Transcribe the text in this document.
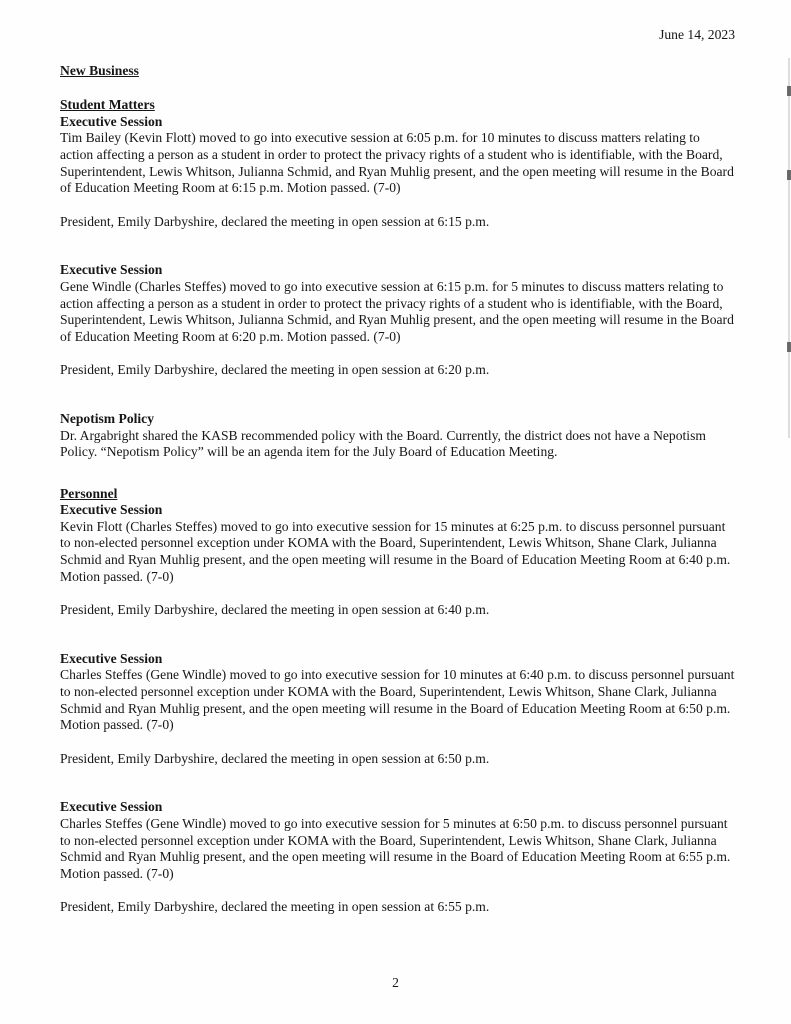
June 14, 2023

New Business

Student Matters

Executive Session

Tim Bailey (Kevin Flott) moved to go into executive session at 6:05 p.m. for 10 minutes to discuss matters relating to action affecting a person as a student in order to protect the privacy rights of a student who is identifiable, with the Board, Superintendent, Lewis Whitson, Julianna Schmid, and Ryan Muhlig present, and the open meeting will resume in the Board of Education Meeting Room at 6:15 p.m. Motion passed. (7-0)

President, Emily Darbyshire, declared the meeting in open session at 6:15 p.m.

Executive Session

Gene Windle (Charles Steffes) moved to go into executive session at 6:15 p.m. for 5 minutes to discuss matters relating to action affecting a person as a student in order to protect the privacy rights of a student who is identifiable, with the Board, Superintendent, Lewis Whitson, Julianna Schmid, and Ryan Muhlig present, and the open meeting will resume in the Board of Education Meeting Room at 6:20 p.m. Motion passed. (7-0)

President, Emily Darbyshire, declared the meeting in open session at 6:20 p.m.

Nepotism Policy

Dr. Argabright shared the KASB recommended policy with the Board. Currently, the district does not have a Nepotism Policy. “Nepotism Policy” will be an agenda item for the July Board of Education Meeting.

Personnel

Executive Session

Kevin Flott (Charles Steffes) moved to go into executive session for 15 minutes at 6:25 p.m. to discuss personnel pursuant to non-elected personnel exception under KOMA with the Board, Superintendent, Lewis Whitson, Shane Clark, Julianna Schmid and Ryan Muhlig present, and the open meeting will resume in the Board of Education Meeting Room at 6:40 p.m. Motion passed. (7-0)

President, Emily Darbyshire, declared the meeting in open session at 6:40 p.m.

Executive Session

Charles Steffes (Gene Windle) moved to go into executive session for 10 minutes at 6:40 p.m. to discuss personnel pursuant to non-elected personnel exception under KOMA with the Board, Superintendent, Lewis Whitson, Shane Clark, Julianna Schmid and Ryan Muhlig present, and the open meeting will resume in the Board of Education Meeting Room at 6:50 p.m. Motion passed. (7-0)

President, Emily Darbyshire, declared the meeting in open session at 6:50 p.m.

Executive Session

Charles Steffes (Gene Windle) moved to go into executive session for 5 minutes at 6:50 p.m. to discuss personnel pursuant to non-elected personnel exception under KOMA with the Board, Superintendent, Lewis Whitson, Shane Clark, Julianna Schmid and Ryan Muhlig present, and the open meeting will resume in the Board of Education Meeting Room at 6:55 p.m. Motion passed. (7-0)

President, Emily Darbyshire, declared the meeting in open session at 6:55 p.m.

2
